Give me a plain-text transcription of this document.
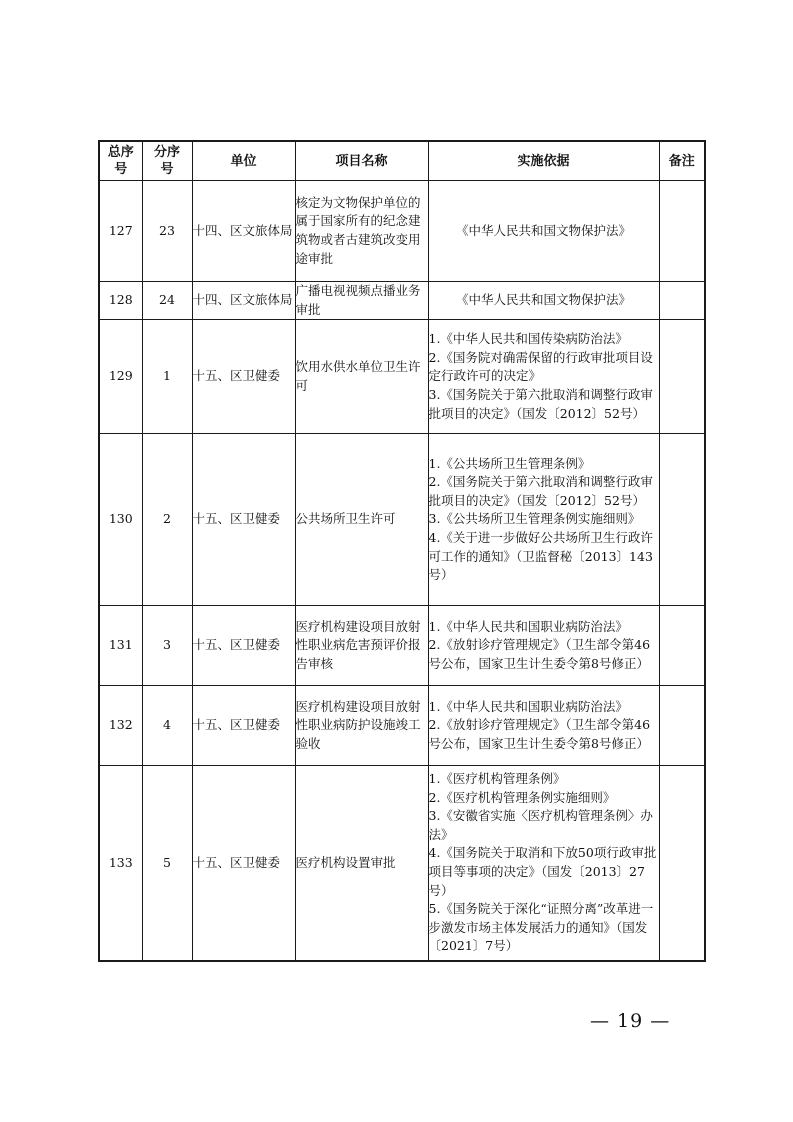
总序号	分序号	单位	项目名称	实施依据	备注
127	23	十四、区文旅体局	核定为文物保护单位的属于国家所有的纪念建筑物或者古建筑改变用途审批	《中华人民共和国文物保护法》	
128	24	十四、区文旅体局	广播电视视频点播业务审批	《中华人民共和国文物保护法》	
129	1	十五、区卫健委	饮用水供水单位卫生许可	1.《中华人民共和国传染病防治法》
2.《国务院对确需保留的行政审批项目设定行政许可的决定》
3.《国务院关于第六批取消和调整行政审批项目的决定》（国发〔2012〕52号）	

130	2	十五、区卫健委	公共场所卫生许可	1.《公共场所卫生管理条例》
2.《国务院关于第六批取消和调整行政审批项目的决定》（国发〔2012〕52号）
3.《公共场所卫生管理条例实施细则》
4.《关于进一步做好公共场所卫生行政许可工作的通知》（卫监督秘〔2013〕143号）	

131	3	十五、区卫健委	医疗机构建设项目放射性职业病危害预评价报告审核	1.《中华人民共和国职业病防治法》
2.《放射诊疗管理规定》（卫生部令第46号公布，国家卫生计生委令第8号修正）	

132	4	十五、区卫健委	医疗机构建设项目放射性职业病防护设施竣工验收	1.《中华人民共和国职业病防治法》
2.《放射诊疗管理规定》（卫生部令第46号公布，国家卫生计生委令第8号修正）	

133	5	十五、区卫健委	医疗机构设置审批	1.《医疗机构管理条例》
2.《医疗机构管理条例实施细则》
3.《安徽省实施〈医疗机构管理条例〉办法》
4.《国务院关于取消和下放50项行政审批项目等事项的决定》（国发〔2013〕27号）
5.《国务院关于深化“证照分离”改革进一步激发市场主体发展活力的通知》（国发〔2021〕7号）	

— 19 —
